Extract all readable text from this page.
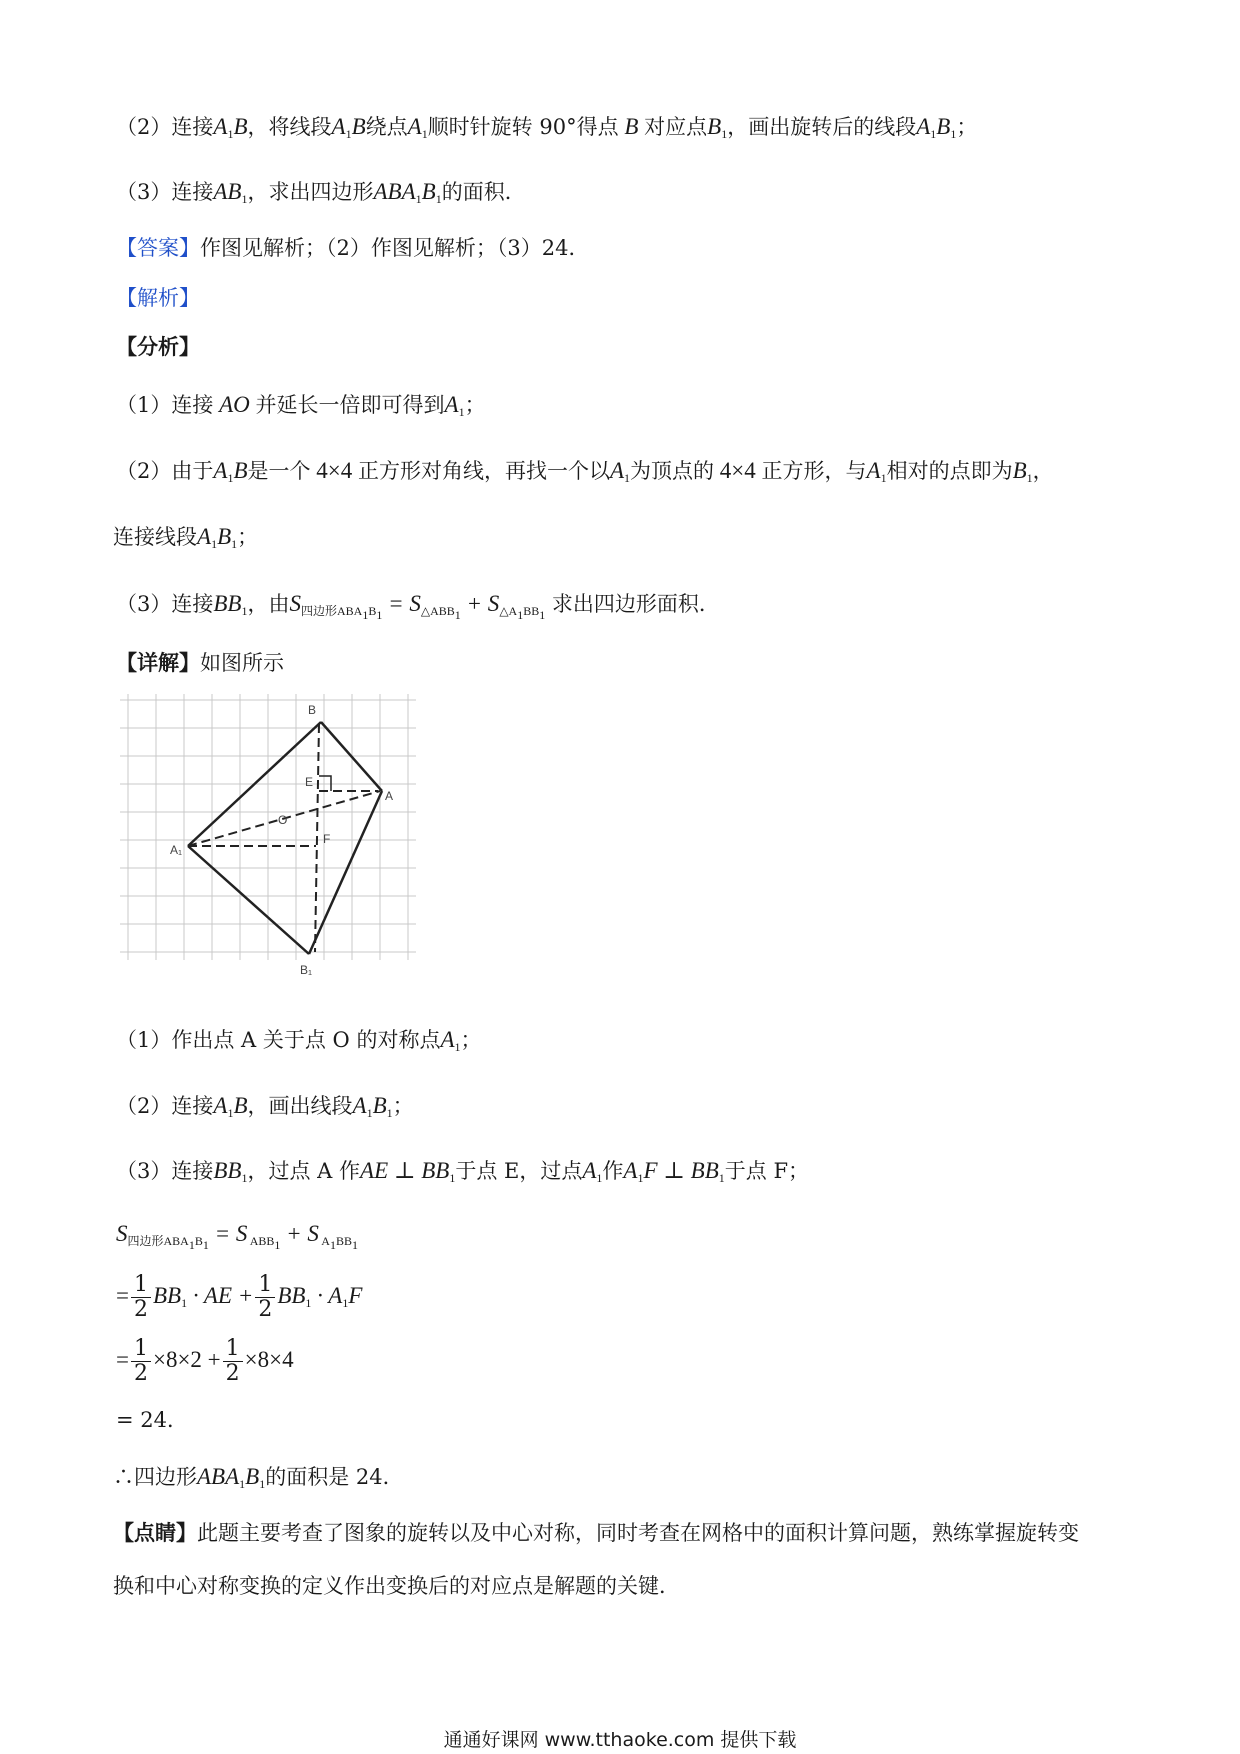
（2）连接$A_1B$，将线段$A_1B$绕点$A_1$顺时针旋转 90°得点 B 对应点$B_1$，画出旋转后的线段$A_1B_1$；
（3）连接$AB_1$，求出四边形$ABA_1B_1$的面积．
【答案】作图见解析；（2）作图见解析；（3）24．
【解析】
【分析】
（1）连接 AO 并延长一倍即可得到$A_1$；
（2）由于$A_1B$是一个 4×4 正方形对角线，再找一个以$A_1$为顶点的 4×4 正方形，与$A_1$相对的点即为$B_1$，
连接线段$A_1B_1$；
（3）连接$BB_1$，由$S_{四边形ABA_1B_1} = S_{\triangle ABB_1} + S_{\triangle A_1BB_1}$ 求出四边形面积．
【详解】如图所示
B
A
A₁
B₁
E
F
O
（1）作出点 A 关于点 O 的对称点$A_1$；
（2）连接$A_1B$，画出线段$A_1B_1$；
（3）连接$BB_1$，过点 A 作AE ⊥ $BB_1$于点 E，过点$A_1$作$A_1F$ ⊥ $BB_1$于点 F；
$S_{四边形ABA_1B_1} = S$ $_{ABB_1}$ + S $_{A_1BB_1}$
= $\frac{1}{2} BB_1$ · AE + $\frac{1}{2} BB_1 \cdot A_1F$
= $\frac{1}{2} \times 8\times 2 + \frac{1}{2} \times 8\times 4$
= 24．
∴四边形$ABA_1B_1$的面积是 24．
【点睛】此题主要考查了图象的旋转以及中心对称，同时考查在网格中的面积计算问题，熟练掌握旋转变
换和中心对称变换的定义作出变换后的对应点是解题的关键．
通通好课网 www.tthaoke.com 提供下载
